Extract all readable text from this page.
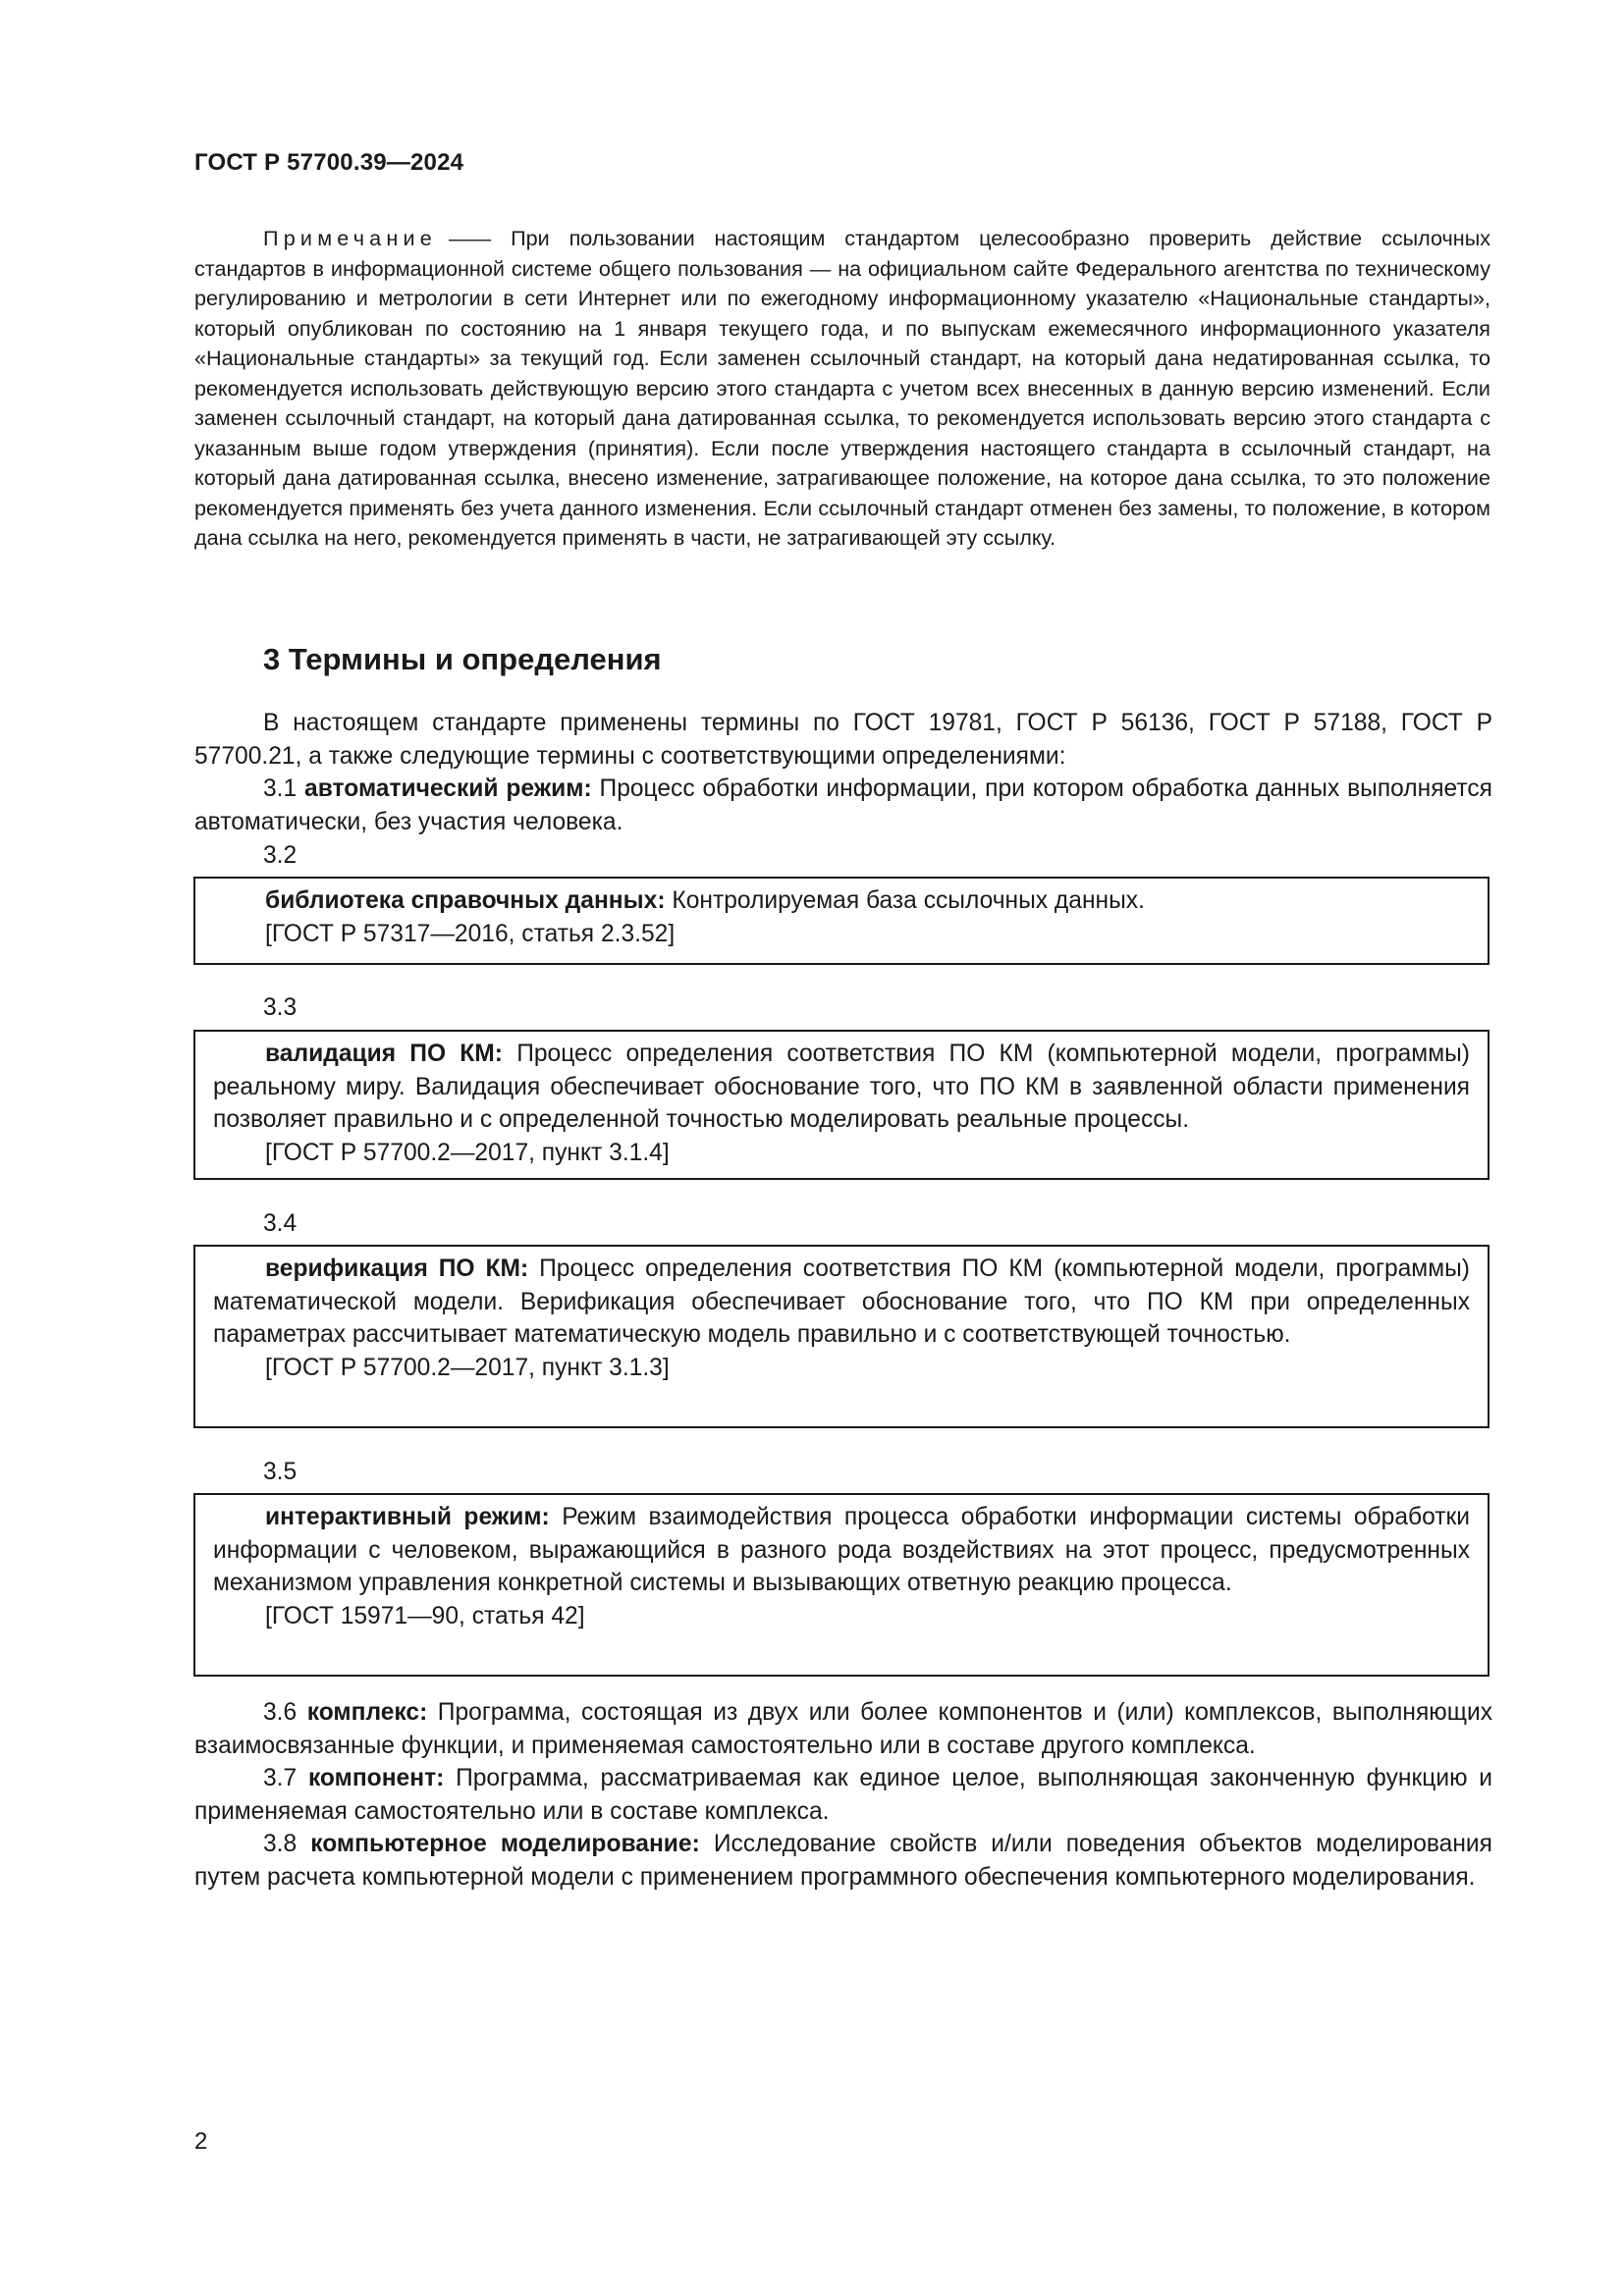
ГОСТ Р 57700.39—2024

Примечание —— При пользовании настоящим стандартом целесообразно проверить действие ссылочных стандартов в информационной системе общего пользования — на официальном сайте Федерального агентства по техническому регулированию и метрологии в сети Интернет или по ежегодному информационному указателю «Национальные стандарты», который опубликован по состоянию на 1 января текущего года, и по выпускам ежемесячного информационного указателя «Национальные стандарты» за текущий год. Если заменен ссылочный стандарт, на который дана недатированная ссылка, то рекомендуется использовать действующую версию этого стандарта с учетом всех внесенных в данную версию изменений. Если заменен ссылочный стандарт, на который дана датированная ссылка, то рекомендуется использовать версию этого стандарта с указанным выше годом утверждения (принятия). Если после утверждения настоящего стандарта в ссылочный стандарт, на который дана датированная ссылка, внесено изменение, затрагивающее положение, на которое дана ссылка, то это положение рекомендуется применять без учета данного изменения. Если ссылочный стандарт отменен без замены, то положение, в котором дана ссылка на него, рекомендуется применять в части, не затрагивающей эту ссылку.

3 Термины и определения

В настоящем стандарте применены термины по ГОСТ 19781, ГОСТ Р 56136, ГОСТ Р 57188, ГОСТ Р 57700.21, а также следующие термины с соответствующими определениями:

3.1 автоматический режим: Процесс обработки информации, при котором обработка данных выполняется автоматически, без участия человека.

3.2

библиотека справочных данных: Контролируемая база ссылочных данных.

[ГОСТ Р 57317—2016, статья 2.3.52]

3.3

валидация ПО КМ: Процесс определения соответствия ПО КМ (компьютерной модели, программы) реальному миру. Валидация обеспечивает обоснование того, что ПО КМ в заявленной области применения позволяет правильно и с определенной точностью моделировать реальные процессы.

[ГОСТ Р 57700.2—2017, пункт 3.1.4]

3.4

верификация ПО КМ: Процесс определения соответствия ПО КМ (компьютерной модели, программы) математической модели. Верификация обеспечивает обоснование того, что ПО КМ при определенных параметрах рассчитывает математическую модель правильно и с соответствующей точностью.

[ГОСТ Р 57700.2—2017, пункт 3.1.3]

3.5

интерактивный режим: Режим взаимодействия процесса обработки информации системы обработки информации с человеком, выражающийся в разного рода воздействиях на этот процесс, предусмотренных механизмом управления конкретной системы и вызывающих ответную реакцию процесса.

[ГОСТ 15971—90, статья 42]

3.6 комплекс: Программа, состоящая из двух или более компонентов и (или) комплексов, выполняющих взаимосвязанные функции, и применяемая самостоятельно или в составе другого комплекса.

3.7 компонент: Программа, рассматриваемая как единое целое, выполняющая законченную функцию и применяемая самостоятельно или в составе комплекса.

3.8 компьютерное моделирование: Исследование свойств и/или поведения объектов моделирования путем расчета компьютерной модели с применением программного обеспечения компьютерного моделирования.

2
